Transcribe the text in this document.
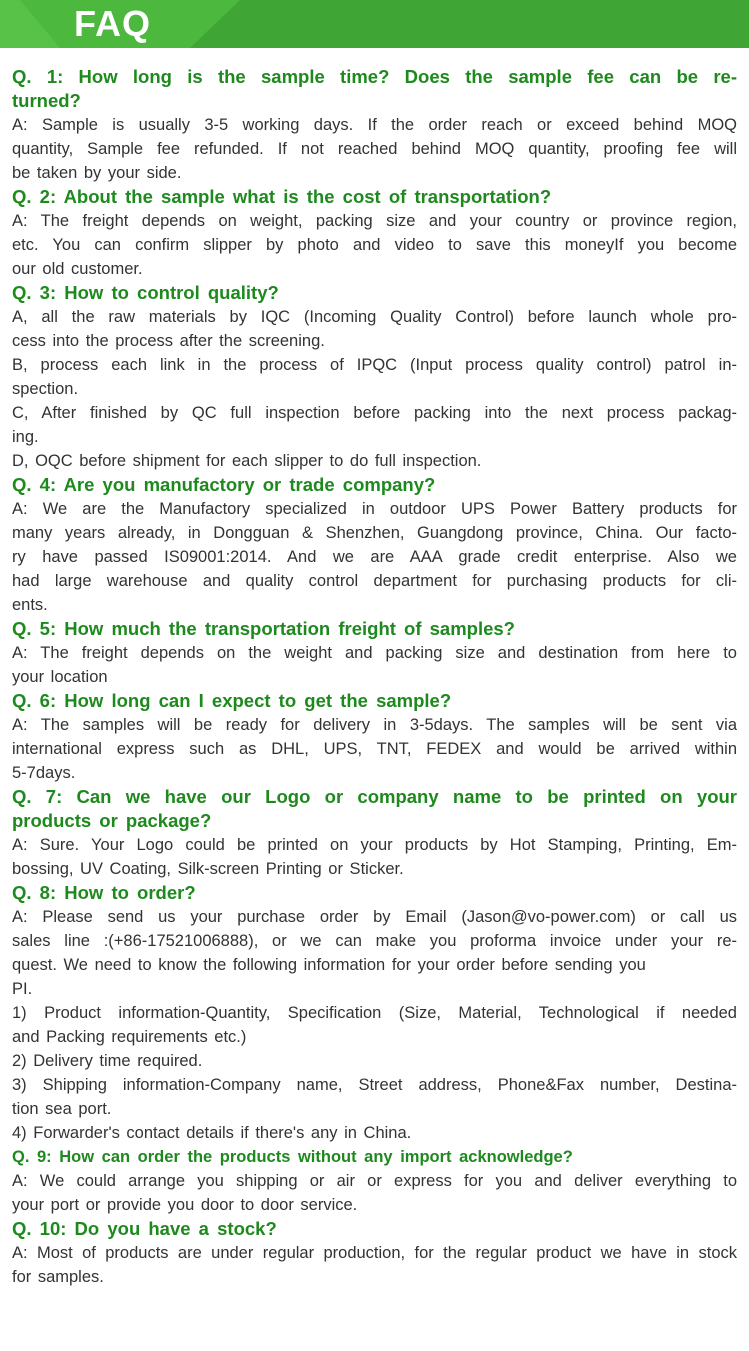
FAQ
Q. 1: How long is the sample time? Does the sample fee can be re-
turned?
A: Sample is usually 3-5 working days. If the order reach or exceed behind MOQ
quantity, Sample fee refunded. If not reached behind MOQ quantity, proofing fee will
be taken by your side.
Q. 2: About the sample what is the cost of transportation?
A: The freight depends on weight, packing size and your country or province region,
etc. You can confirm slipper by photo and video to save this moneyIf you become
our old customer.
Q. 3: How to control quality?
A, all the raw materials by IQC (Incoming Quality Control) before launch whole pro-
cess into the process after the screening.
B, process each link in the process of IPQC (Input process quality control) patrol in-
spection.
C, After finished by QC full inspection before packing into the next process packag-
ing.
D, OQC before shipment for each slipper to do full inspection.
Q. 4: Are you manufactory or trade company?
A: We are the Manufactory specialized in outdoor UPS Power Battery products for
many years already, in Dongguan & Shenzhen, Guangdong province, China. Our facto-
ry have passed IS09001:2014. And we are AAA grade credit enterprise. Also we
had large warehouse and quality control department for purchasing products for cli-
ents.
Q. 5: How much the transportation freight of samples?
A: The freight depends on the weight and packing size and destination from here to
your location
Q. 6: How long can I expect to get the sample?
A: The samples will be ready for delivery in 3-5days. The samples will be sent via
international express such as DHL, UPS, TNT, FEDEX and would be arrived within
5-7days.
Q. 7: Can we have our Logo or company name to be printed on your
products or package?
A: Sure. Your Logo could be printed on your products by Hot Stamping, Printing, Em-
bossing, UV Coating, Silk-screen Printing or Sticker.
Q. 8: How to order?
A: Please send us your purchase order by Email (Jason@vo-power.com) or call us
sales line :(+86-17521006888), or we can make you proforma invoice under your re-
quest. We need to know the following information for your order before sending you
PI.
1) Product information-Quantity, Specification (Size, Material, Technological if needed
and Packing requirements etc.)
2) Delivery time required.
3) Shipping information-Company name, Street address, Phone&Fax number, Destina-
tion sea port.
4) Forwarder's contact details if there's any in China.
Q. 9: How can order the products without any import acknowledge?
A: We could arrange you shipping or air or express for you and deliver everything to
your port or provide you door to door service.
Q. 10: Do you have a stock?
A: Most of products are under regular production, for the regular product we have in stock
for samples.
